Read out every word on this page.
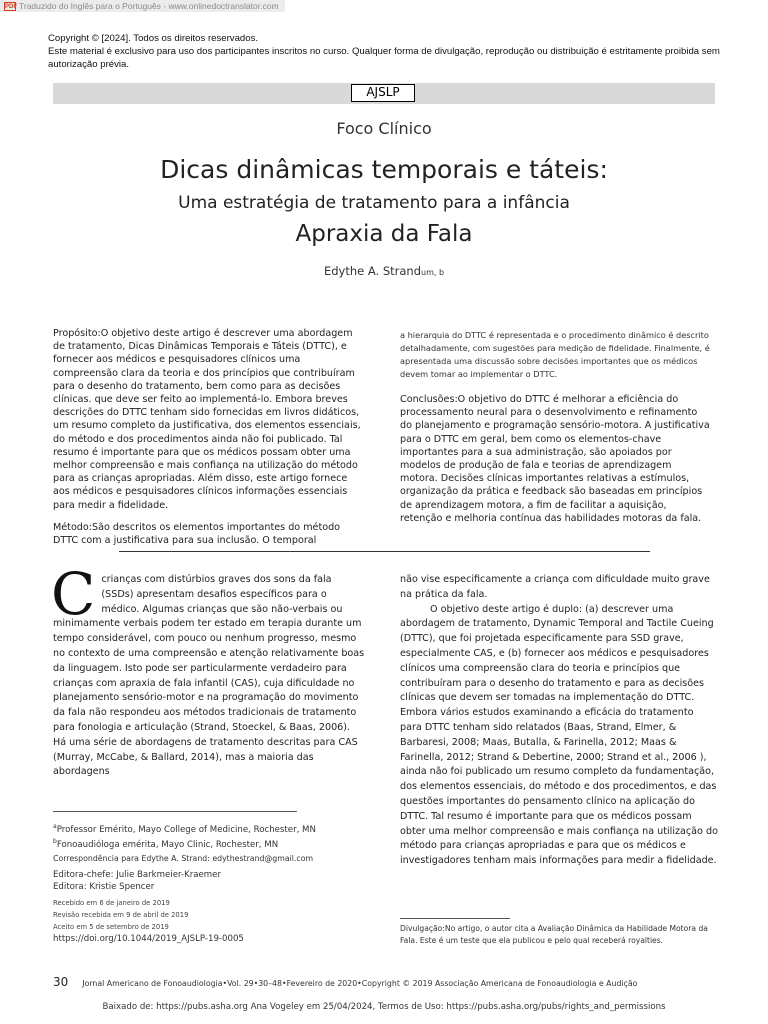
PDF Traduzido do Inglês para o Português - www.onlinedoctranslator.com
Copyright © [2024]. Todos os direitos reservados.
Este material é exclusivo para uso dos participantes inscritos no curso. Qualquer forma de divulgação, reprodução ou distribuição é estritamente proibida sem autorização prévia.
AJSLP
Foco Clínico
Dicas dinâmicas temporais e táteis:
Uma estratégia de tratamento para a infância
Apraxia da Fala
Edythe A. Strandum, b

Propósito:O objetivo deste artigo é descrever uma abordagem de tratamento, Dicas Dinâmicas Temporais e Táteis (DTTC), e fornecer aos médicos e pesquisadores clínicos uma compreensão clara da teoria e dos princípios que contribuíram para o desenho do tratamento, bem como para as decisões clínicas. que deve ser feito ao implementá-lo. Embora breves descrições do DTTC tenham sido fornecidas em livros didáticos, um resumo completo da justificativa, dos elementos essenciais, do método e dos procedimentos ainda não foi publicado. Tal resumo é importante para que os médicos possam obter uma melhor compreensão e mais confiança na utilização do método para as crianças apropriadas. Além disso, este artigo fornece aos médicos e pesquisadores clínicos informações essenciais para medir a fidelidade.

Método:São descritos os elementos importantes do método DTTC com a justificativa para sua inclusão. O temporal

a hierarquia do DTTC é representada e o procedimento dinâmico é descrito detalhadamente, com sugestões para medição de fidelidade. Finalmente, é apresentada uma discussão sobre decisões importantes que os médicos devem tomar ao implementar o DTTC.

Conclusões:O objetivo do DTTC é melhorar a eficiência do processamento neural para o desenvolvimento e refinamento do planejamento e programação sensório-motora. A justificativa para o DTTC em geral, bem como os elementos-chave importantes para a sua administração, são apoiados por modelos de produção de fala e teorias de aprendizagem motora. Decisões clínicas importantes relativas a estímulos, organização da prática e feedback são baseadas em princípios de aprendizagem motora, a fim de facilitar a aquisição, retenção e melhoria contínua das habilidades motoras da fala.

Ccrianças com distúrbios graves dos sons da fala (SSDs) apresentam desafios específicos para o médico. Algumas crianças que são não-verbais ou minimamente verbais podem ter estado em terapia durante um tempo considerável, com pouco ou nenhum progresso, mesmo no contexto de uma compreensão e atenção relativamente boas da linguagem. Isto pode ser particularmente verdadeiro para crianças com apraxia de fala infantil (CAS), cuja dificuldade no planejamento sensório-motor e na programação do movimento da fala não respondeu aos métodos tradicionais de tratamento para fonologia e articulação (Strand, Stoeckel, & Baas, 2006). Há uma série de abordagens de tratamento descritas para CAS (Murray, McCabe, & Ballard, 2014), mas a maioria das abordagens
$^a$Professor Emérito, Mayo College of Medicine, Rochester, MN
$^b$Fonoaudióloga emérita, Mayo Clinic, Rochester, MN
Correspondência para Edythe A. Strand: edythestrand@gmail.com
Editora-chefe: Julie Barkmeier-Kraemer
Editora: Kristie Spencer
Recebido em 6 de janeiro de 2019
Revisão recebida em 9 de abril de 2019
Aceito em 5 de setembro de 2019
https://doi.org/10.1044/2019_AJSLP-19-0005

não vise especificamente a criança com dificuldade muito grave na prática da fala.

O objetivo deste artigo é duplo: (a) descrever uma abordagem de tratamento, Dynamic Temporal and Tactile Cueing (DTTC), que foi projetada especificamente para SSD grave, especialmente CAS, e (b) fornecer aos médicos e pesquisadores clínicos uma compreensão clara do teoria e princípios que contribuíram para o desenho do tratamento e para as decisões clínicas que devem ser tomadas na implementação do DTTC. Embora vários estudos examinando a eficácia do tratamento para DTTC tenham sido relatados (Baas, Strand, Elmer, & Barbaresi, 2008; Maas, Butalla, & Farinella, 2012; Maas & Farinella, 2012; Strand & Debertine, 2000; Strand et al., 2006 ), ainda não foi publicado um resumo completo da fundamentação, dos elementos essenciais, do método e dos procedimentos, e das questões importantes do pensamento clínico na aplicação do DTTC. Tal resumo é importante para que os médicos possam obter uma melhor compreensão e mais confiança na utilização do método para crianças apropriadas e para que os médicos e investigadores tenham mais informações para medir a fidelidade.

Divulgação:No artigo, o autor cita a Avaliação Dinâmica da Habilidade Motora da Fala. Este é um teste que ela publicou e pelo qual receberá royalties.
30 Jornal Americano de Fonoaudiologia•Vol. 29•30–48•Fevereiro de 2020•Copyright © 2019 Associação Americana de Fonoaudiologia e Audição
Baixado de: https://pubs.asha.org Ana Vogeley em 25/04/2024, Termos de Uso: https://pubs.asha.org/pubs/rights_and_permissions
